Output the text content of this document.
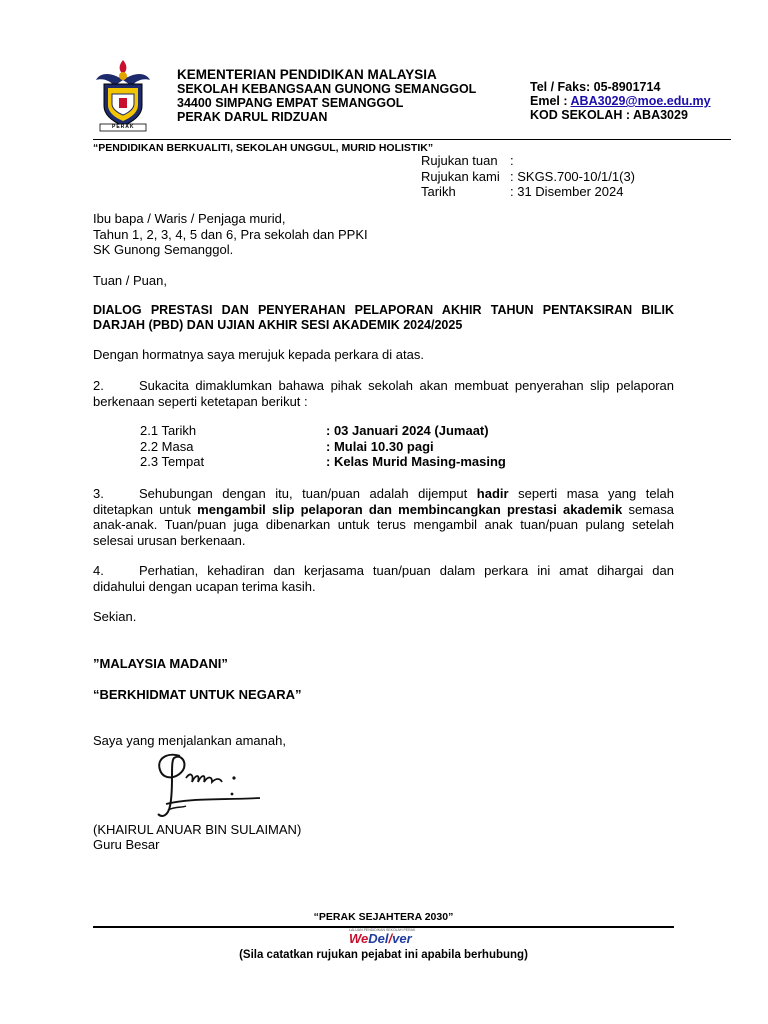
PERAK
KEMENTERIAN PENDIDIKAN MALAYSIA
SEKOLAH KEBANGSAAN GUNONG SEMANGGOL
34400 SIMPANG EMPAT SEMANGGOL
PERAK DARUL RIDZUAN
Tel / Faks: 05-8901714
Emel : ABA3029@moe.edu.my
KOD SEKOLAH : ABA3029
“PENDIDIKAN BERKUALITI, SEKOLAH UNGGUL, MURID HOLISTIK”
Rujukan tuan :
Rujukan kami : SKGS.700-10/1/1(3)
Tarikh	: 31 Disember 2024
Ibu bapa / Waris / Penjaga murid,
Tahun 1, 2, 3, 4, 5 dan 6, Pra sekolah dan PPKI
SK Gunong Semanggol.
Tuan / Puan,
DIALOG PRESTASI DAN PENYERAHAN PELAPORAN AKHIR TAHUN PENTAKSIRAN BILIK DARJAH (PBD) DAN UJIAN AKHIR SESI AKADEMIK 2024/2025
Dengan hormatnya saya merujuk kepada perkara di atas.
2.	Sukacita dimaklumkan bahawa pihak sekolah akan membuat penyerahan slip pelaporan berkenaan seperti ketetapan berikut :
2.1 Tarikh	: 03 Januari 2024 (Jumaat)
2.2 Masa	: Mulai 10.30 pagi
2.3 Tempat	: Kelas Murid Masing-masing
3.	Sehubungan dengan itu, tuan/puan adalah dijemput hadir seperti masa yang telah ditetapkan untuk mengambil slip pelaporan dan membincangkan prestasi akademik semasa anak-anak. Tuan/puan juga dibenarkan untuk terus mengambil anak tuan/puan pulang setelah selesai urusan berkenaan.
4.	Perhatian, kehadiran dan kerjasama tuan/puan dalam perkara ini amat dihargai dan didahului dengan ucapan terima kasih.
Sekian.
”MALAYSIA MADANI”
“BERKHIDMAT UNTUK NEGARA”
Saya yang menjalankan amanah,
(KHAIRUL ANUAR BIN SULAIMAN)
Guru Besar
“PERAK SEJAHTERA 2030”
LALUAN PENDIDIKAN SEKOLAH PERAK
WeDel/ver
(Sila catatkan rujukan pejabat ini apabila berhubung)
